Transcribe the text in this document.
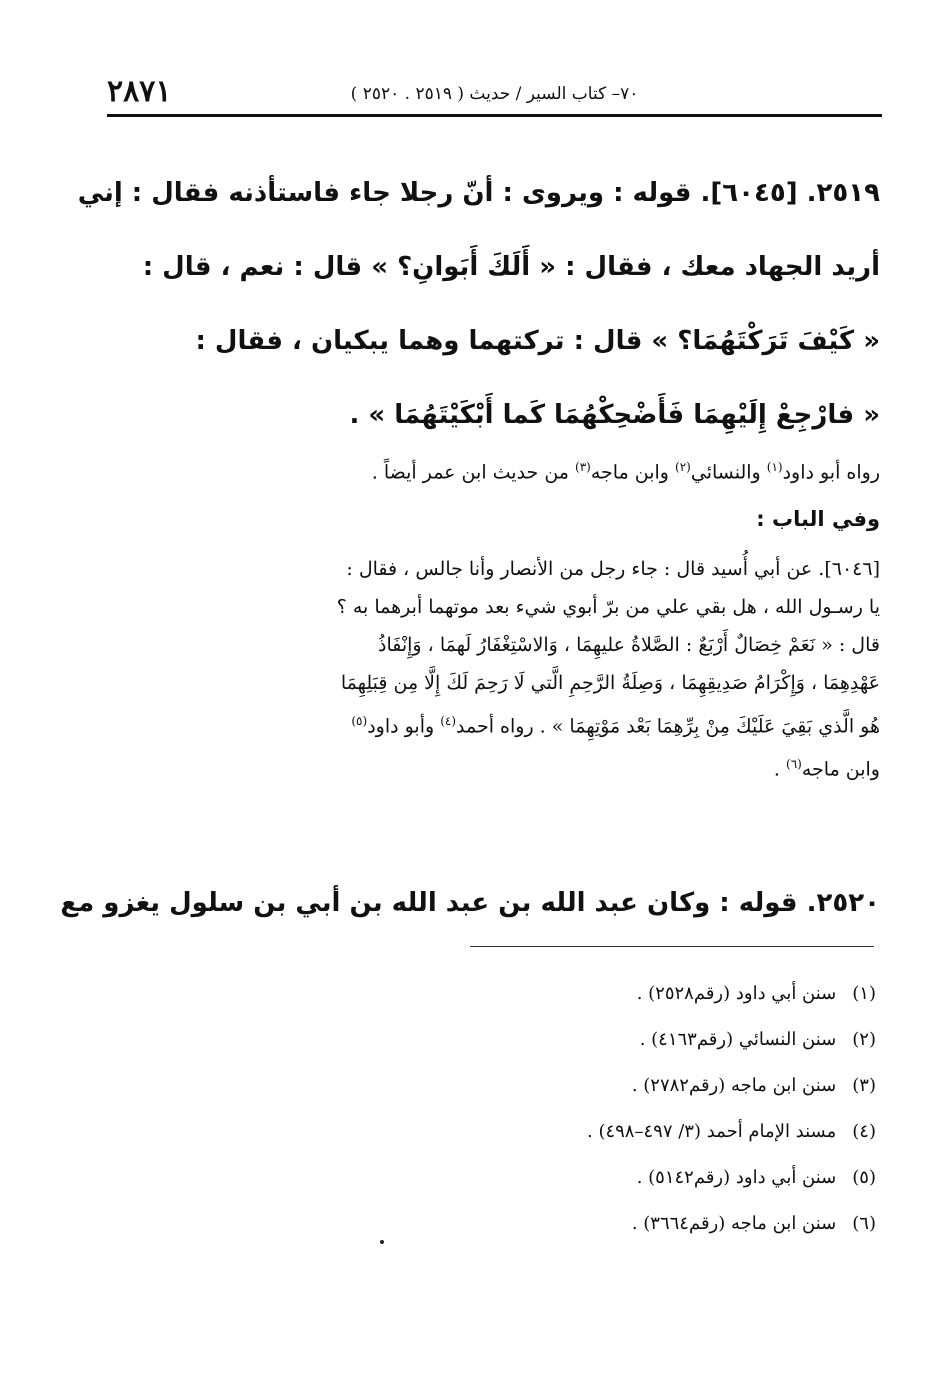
٢٨٧١	٧٠– كتاب السير / حديث ( ٢٥١٩ . ٢٥٢٠ )
٢٥١٩. [٦٠٤٥]. قوله : ويروى : أنّ رجلا جاء فاستأذنه فقال : إني
أريد الجهاد معك ، فقال : « أَلَكَ أَبَوانِ؟ » قال : نعم ، قال :
« كَيْفَ تَرَكْتَهُمَا؟ » قال : تركتهما وهما يبكيان ، فقال :
« فارْجِعْ إِلَيْهِمَا فَأَضْحِكْهُمَا كَما أَبْكَيْتَهُمَا » .
رواه أبو داود$^{(١)}$ والنسائي$^{(٢)}$ وابن ماجه$^{(٣)}$ من حديث ابن عمر أيضاً .
وفي الباب :
[٦٠٤٦]. عن أبي أُسيد قال : جاء رجل من الأنصار وأنا جالس ، فقال :
يا رسـول الله ، هل بقي علي من برّ أبوي شيء بعد موتهما أبرهما به ؟
قال : « نَعَمْ خِصَالٌ أَرْبَعٌ : الصَّلاةُ عليهِمَا ، وَالاسْتِغْفَارُ لَهمَا ، وَإِنْفَاذُ
عَهْدِهِمَا ، وَإِكْرَامُ صَدِيقِهِمَا ، وَصِلَةُ الرَّحِمِ الَّتي لَا رَحِمَ لَكَ إِلَّا مِن قِبَلِهِمَا
هُو الَّذي بَقِيَ عَلَيْكَ مِنْ بِرِّهِمَا بَعْد مَوْتِهِمَا » . رواه أحمد$^{(٤)}$ وأبو داود$^{(٥)}$
وابن ماجه$^{(٦)}$ .
٢٥٢٠. قوله : وكان عبد الله بن عبد الله بن أبي بن سلول يغزو مع
(١) سنن أبي داود (رقم٢٥٢٨) .
(٢) سنن النسائي (رقم٤١٦٣) .
(٣) سنن ابن ماجه (رقم٢٧٨٢) .
(٤) مسند الإمام أحمد (٣/ ٤٩٧–٤٩٨) .
(٥) سنن أبي داود (رقم٥١٤٢) .
(٦) سنن ابن ماجه (رقم٣٦٦٤) .
